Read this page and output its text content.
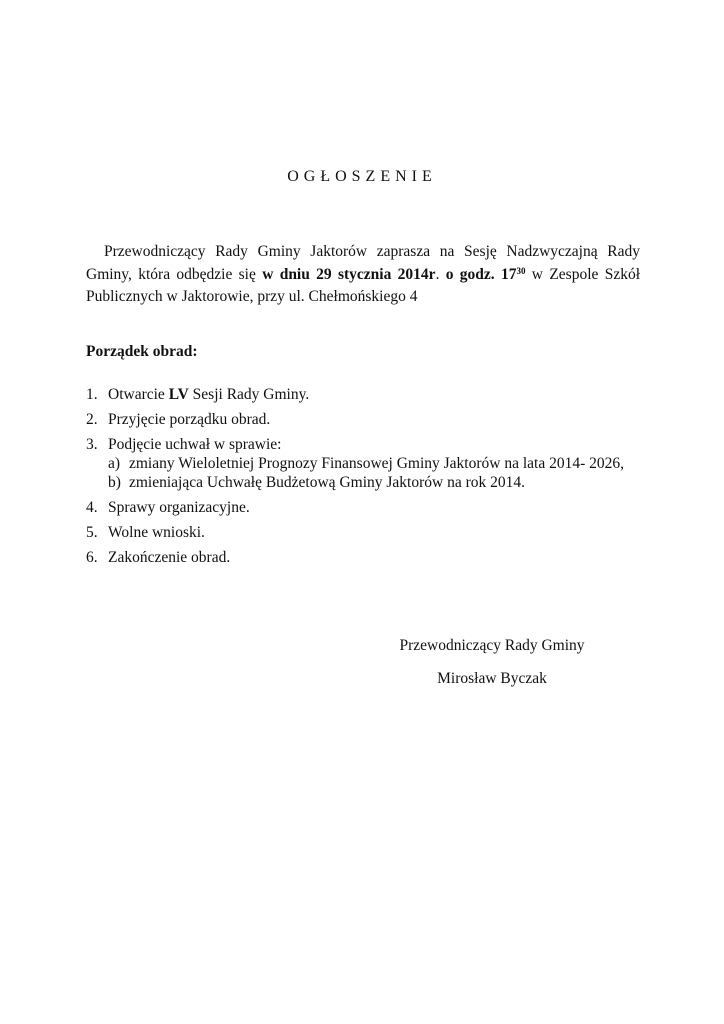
OGŁOSZENIE

Przewodniczący Rady Gminy Jaktorów zaprasza na Sesję Nadzwyczajną Rady Gminy, która odbędzie się w dniu 29 stycznia 2014r. o godz. $17^{30}$ w Zespole Szkół Publicznych w Jaktorowie, przy ul. Chełmońskiego 4

Porządek obrad:

1. Otwarcie LV Sesji Rady Gminy.
2. Przyjęcie porządku obrad.
3. Podjęcie uchwał w sprawie:
a) zmiany Wieloletniej Prognozy Finansowej Gminy Jaktorów na lata 2014- 2026,
b) zmieniająca Uchwałę Budżetową Gminy Jaktorów na rok 2014.
4. Sprawy organizacyjne.
5. Wolne wnioski.
6. Zakończenie obrad.

Przewodniczący Rady Gminy

Mirosław Byczak
